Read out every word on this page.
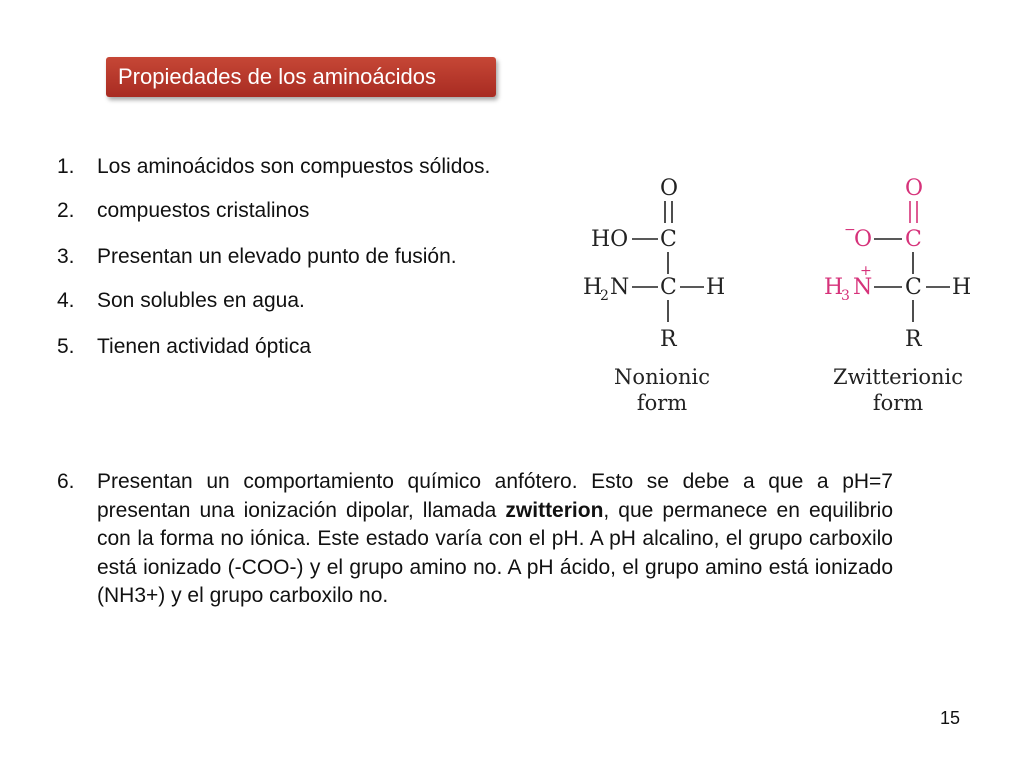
Propiedades de los aminoácidos
1. Los aminoácidos son compuestos sólidos.
2. compuestos cristalinos
3. Presentan un elevado punto de fusión.
4. Son solubles en agua.
5. Tienen actividad óptica
O
HO C
H
2 N C H
R
Nonionic
form
O
−
O C
+
H
3 N C H
R
Zwitterionic
form
6. Presentan un comportamiento químico anfótero. Esto se debe a que a pH=7 presentan una ionización dipolar, llamada zwitterion, que permanece en equilibrio con la forma no iónica. Este estado varía con el pH. A pH alcalino, el grupo carboxilo está ionizado (-COO-) y el grupo amino no. A pH ácido, el grupo amino está ionizado (NH3+) y el grupo carboxilo no.
15
